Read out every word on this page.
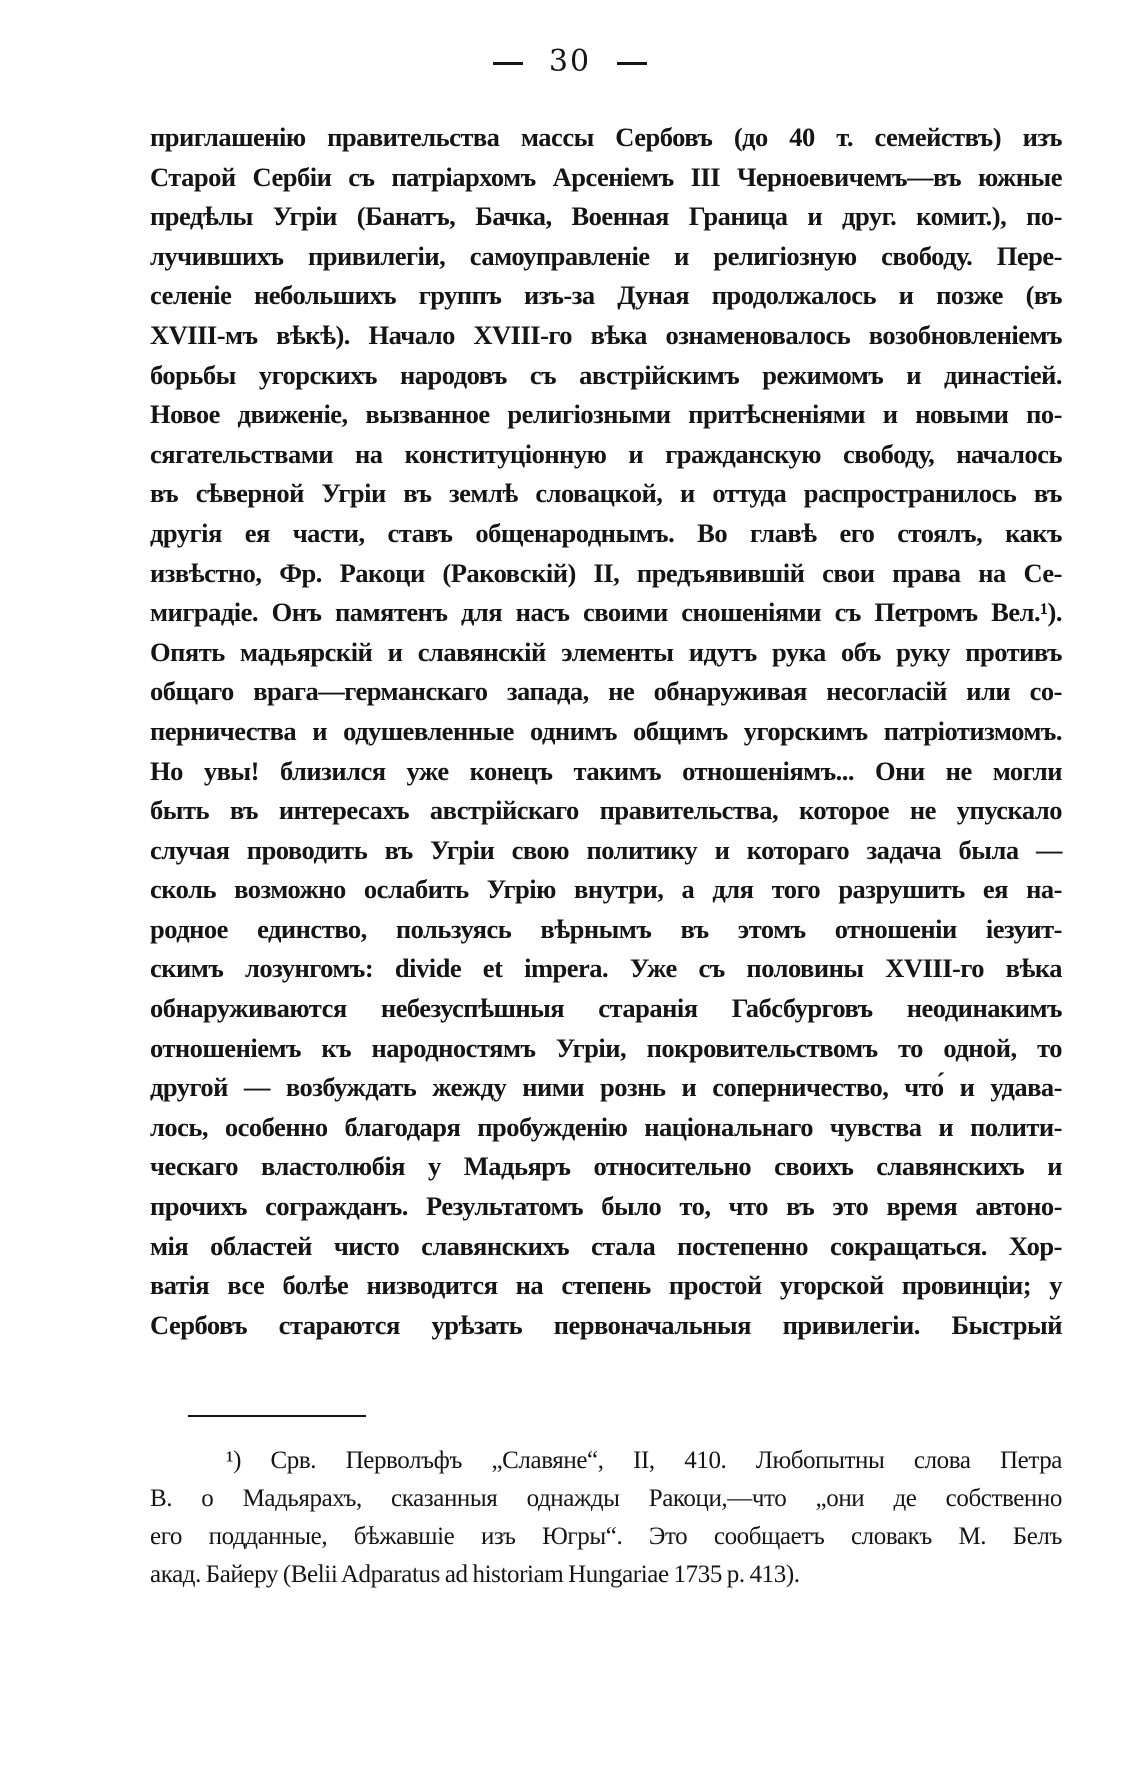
30
приглашенію правительства массы Сербовъ (до 40 т. семействъ) изъ
Старой Сербіи съ патріархомъ Арсеніемъ III Черноевичемъ—въ южные
предѣлы Угріи (Банатъ, Бачка, Военная Граница и друг. комит.), по-
лучившихъ привилегіи, самоуправленіе и религіозную свободу. Пере-
селеніе небольшихъ группъ изъ-за Дуная продолжалось и позже (въ
XVIII-мъ вѣкѣ). Начало XVIII-го вѣка ознаменовалось возобновленіемъ
борьбы угорскихъ народовъ съ австрійскимъ режимомъ и династіей.
Новое движеніе, вызванное религіозными притѣсненіями и новыми по-
сягательствами на конституціонную и гражданскую свободу, началось
въ сѣверной Угріи въ землѣ словацкой, и оттуда распространилось въ
другія ея части, ставъ общенароднымъ. Во главѣ его стоялъ, какъ
извѣстно, Фр. Ракоци (Раковскій) II, предъявившій свои права на Се-
миградіе. Онъ памятенъ для насъ своими сношеніями съ Петромъ Вел.¹).
Опять мадьярскій и славянскій элементы идутъ рука объ руку противъ
общаго врага—германскаго запада, не обнаруживая несогласій или со-
перничества и одушевленные однимъ общимъ угорскимъ патріотизмомъ.
Но увы! близился уже конецъ такимъ отношеніямъ... Они не могли
быть въ интересахъ австрійскаго правительства, которое не упускало
случая проводить въ Угріи свою политику и котораго задача была —
сколь возможно ослабить Угрію внутри, а для того разрушить ея на-
родное единство, пользуясь вѣрнымъ въ этомъ отношеніи іезуит-
скимъ лозунгомъ: divide et impera. Уже съ половины XVIII-го вѣка
обнаруживаются небезуспѣшныя старанія Габсбурговъ неодинакимъ
отношеніемъ къ народностямъ Угріи, покровительствомъ то одной, то
другой — возбуждать жежду ними рознь и соперничество, что́ и удава-
лось, особенно благодаря пробужденію національнаго чувства и полити-
ческаго властолюбія у Мадьяръ относительно своихъ славянскихъ и
прочихъ согражданъ. Результатомъ было то, что въ это время автоно-
мія областей чисто славянскихъ стала постепенно сокращаться. Хор-
ватія все болѣе низводится на степень простой угорской провинціи; у
Сербовъ стараются урѣзать первоначальныя привилегіи. Быстрый
¹) Срв. Перволъфъ „Славяне“, II, 410. Любопытны слова Петра
В. о Мадьярахъ, сказанныя однажды Ракоци,—что „они де собственно
его подданные, бѣжавшіе изъ Югры“. Это сообщаетъ словакъ М. Белъ
акад. Байеру (Belii Adparatus ad historiam Hungariae 1735 p. 413).
